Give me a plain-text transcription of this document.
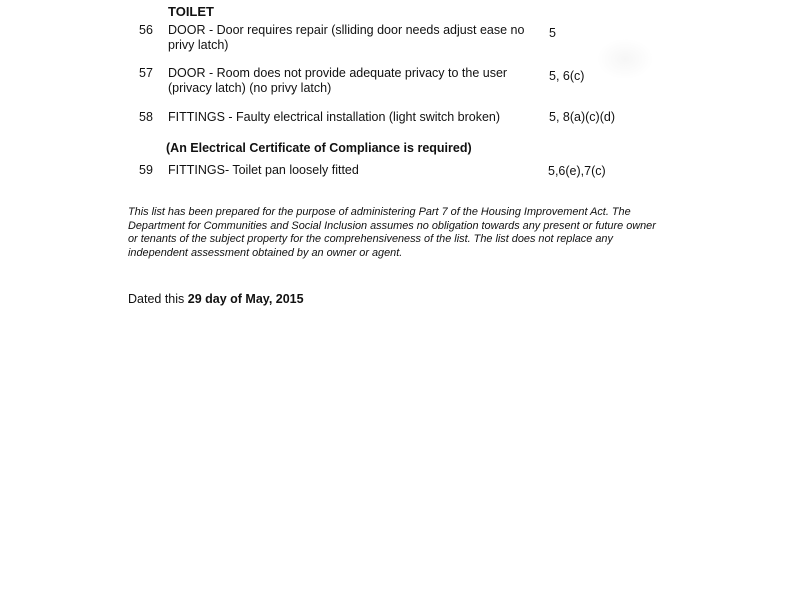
TOILET
56 DOOR - Door requires repair (slliding door needs adjust ease no privy latch)
5
57 DOOR - Room does not provide adequate privacy to the user (privacy latch) (no privy latch)
5, 6(c)
58 FITTINGS - Faulty electrical installation (light switch broken)	5, 8(a)(c)(d)
(An Electrical Certificate of Compliance is required)
59 FITTINGS- Toilet pan loosely fitted	5,6(e),7(c)
This list has been prepared for the purpose of administering Part 7 of the Housing Improvement Act. The Department for Communities and Social Inclusion assumes no obligation towards any present or future owner or tenants of the subject property for the comprehensiveness of the list. The list does not replace any independent assessment obtained by an owner or agent.
Dated this 29 day of May, 2015
